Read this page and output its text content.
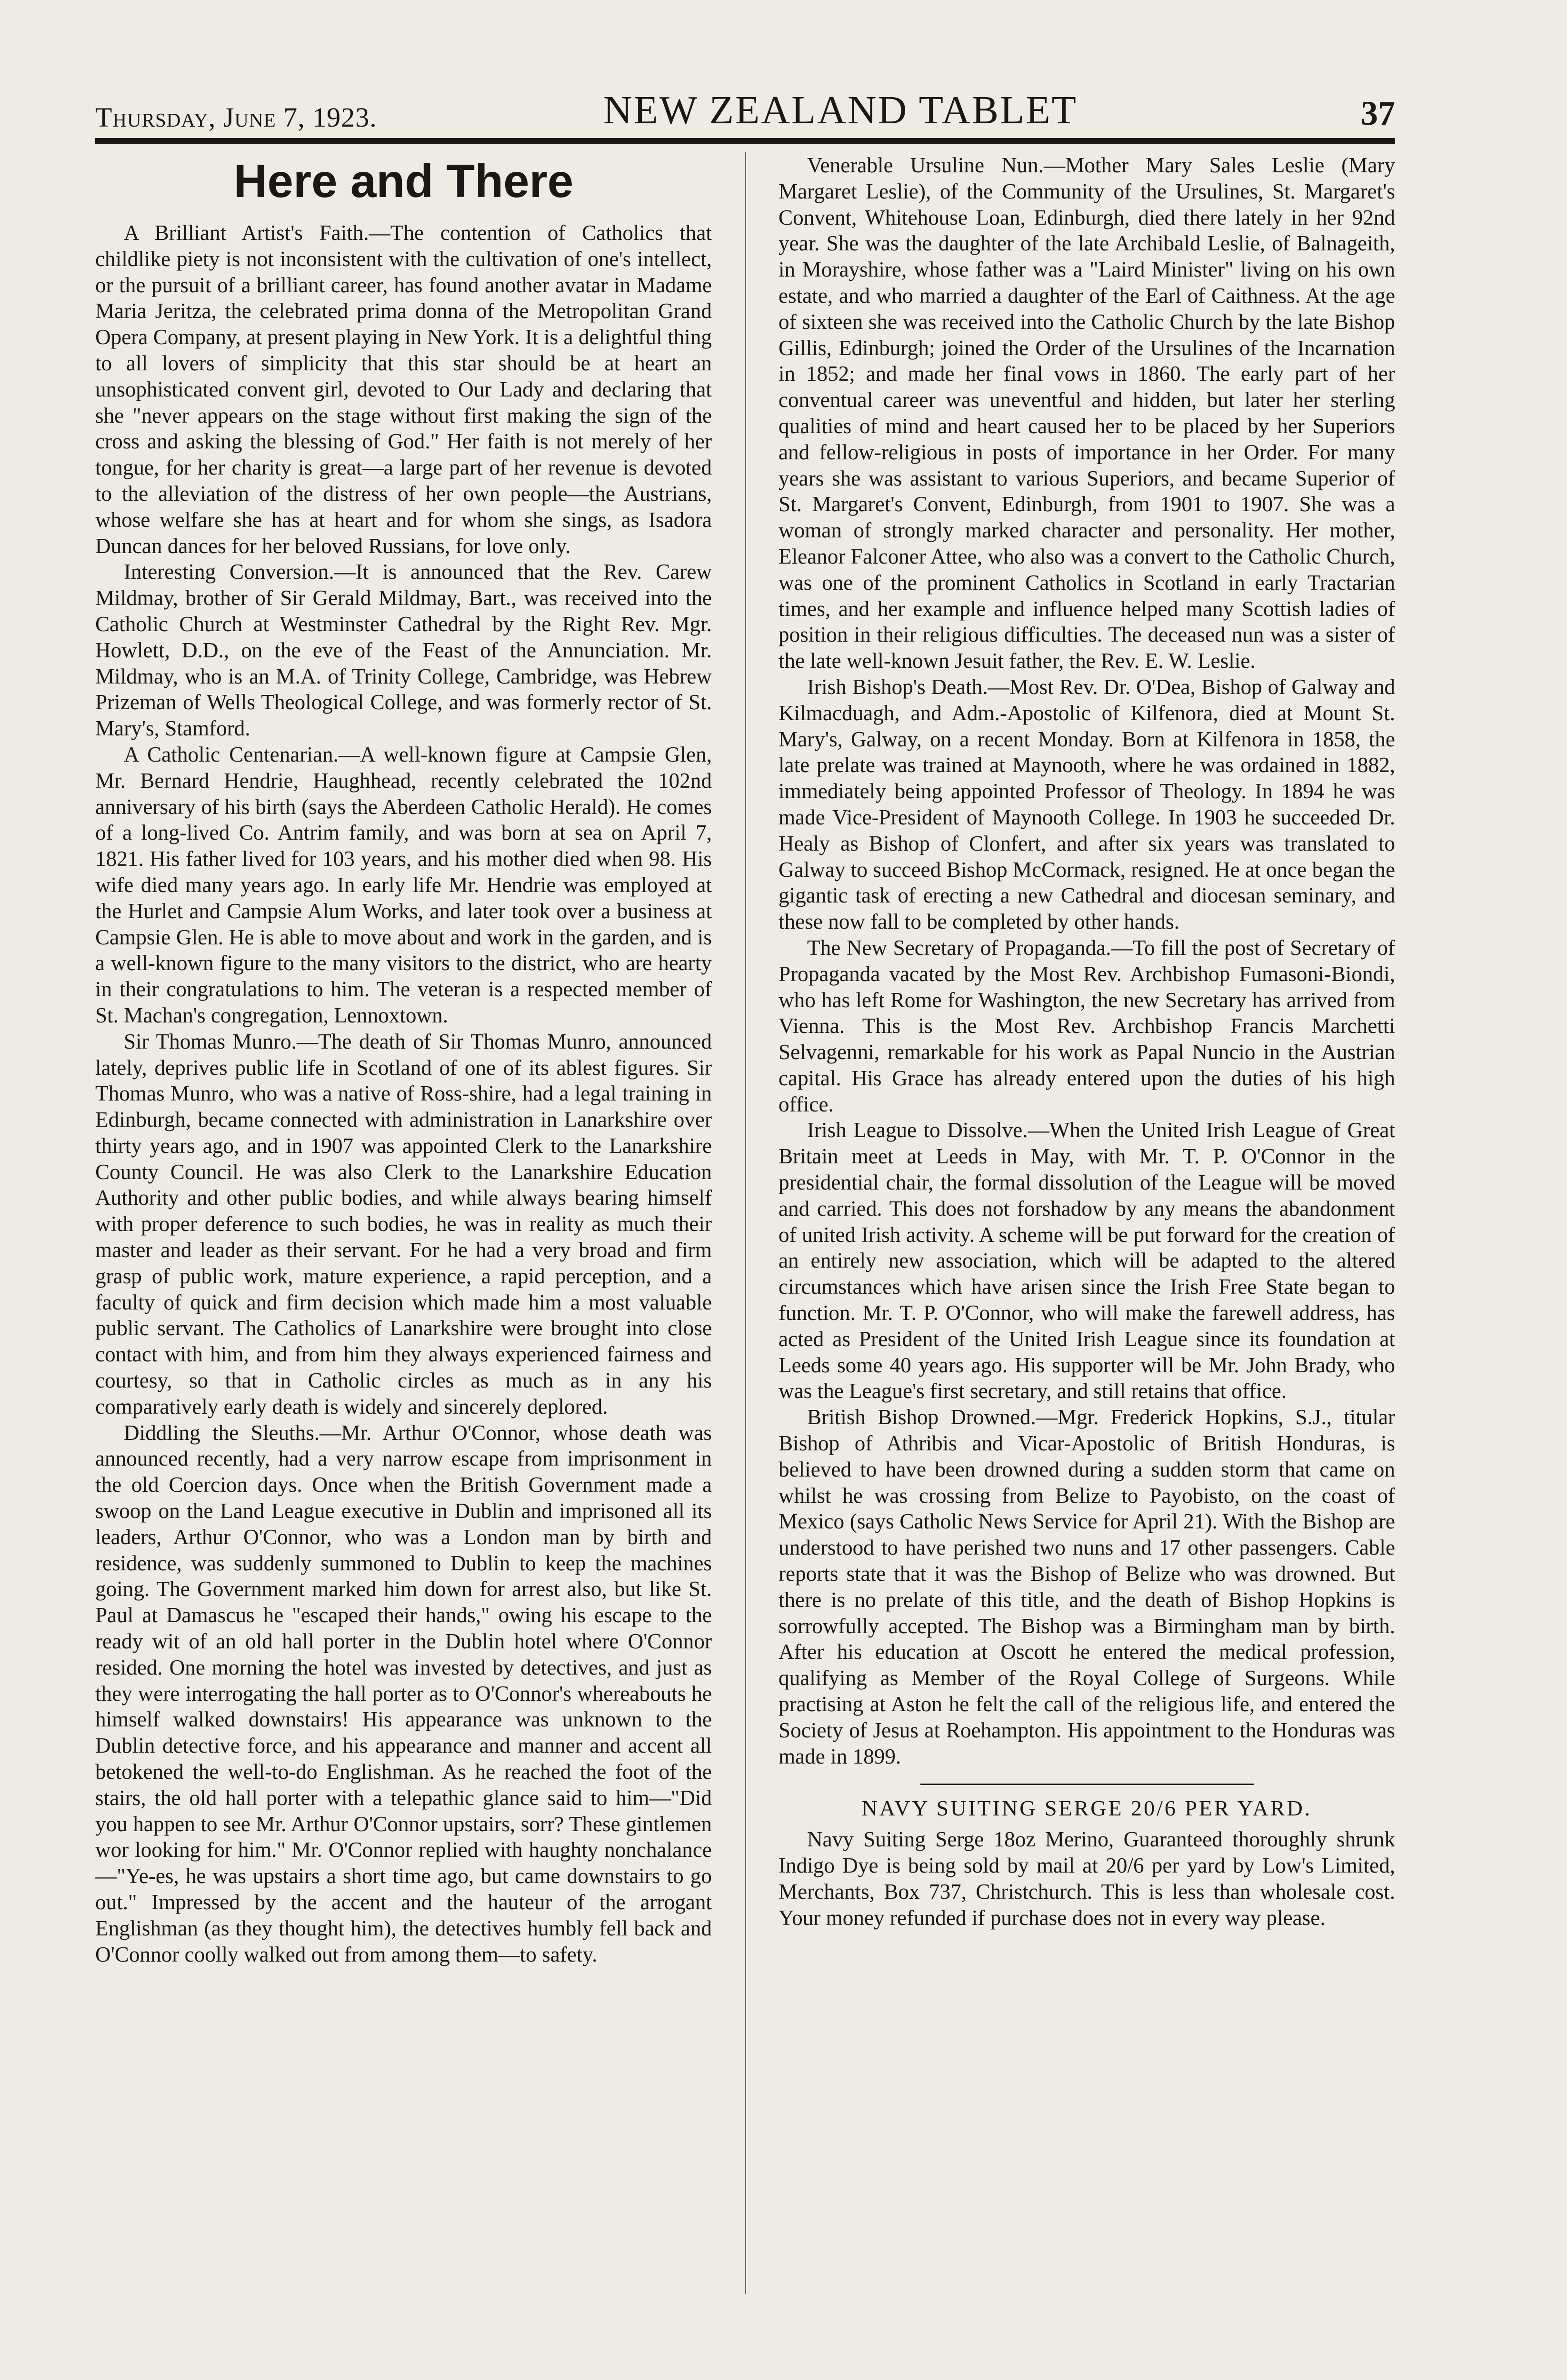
Thursday, June 7, 1923.	NEW ZEALAND TABLET	37
Here and There

A Brilliant Artist's Faith.—The contention of Catholics that childlike piety is not inconsistent with the cultivation of one's intellect, or the pursuit of a brilliant career, has found another avatar in Madame Maria Jeritza, the celebrated prima donna of the Metropolitan Grand Opera Company, at present playing in New York. It is a delightful thing to all lovers of simplicity that this star should be at heart an unsophisticated convent girl, devoted to Our Lady and declaring that she "never appears on the stage without first making the sign of the cross and asking the blessing of God." Her faith is not merely of her tongue, for her charity is great—a large part of her revenue is devoted to the alleviation of the distress of her own people—the Austrians, whose welfare she has at heart and for whom she sings, as Isadora Duncan dances for her beloved Russians, for love only.

Interesting Conversion.—It is announced that the Rev. Carew Mildmay, brother of Sir Gerald Mildmay, Bart., was received into the Catholic Church at Westminster Cathedral by the Right Rev. Mgr. Howlett, D.D., on the eve of the Feast of the Annunciation. Mr. Mildmay, who is an M.A. of Trinity College, Cambridge, was Hebrew Prizeman of Wells Theological College, and was formerly rector of St. Mary's, Stamford.

A Catholic Centenarian.—A well-known figure at Campsie Glen, Mr. Bernard Hendrie, Haughhead, recently celebrated the 102nd anniversary of his birth (says the Aberdeen Catholic Herald). He comes of a long-lived Co. Antrim family, and was born at sea on April 7, 1821. His father lived for 103 years, and his mother died when 98. His wife died many years ago. In early life Mr. Hendrie was employed at the Hurlet and Campsie Alum Works, and later took over a business at Campsie Glen. He is able to move about and work in the garden, and is a well-known figure to the many visitors to the district, who are hearty in their congratulations to him. The veteran is a respected member of St. Machan's congregation, Lennoxtown.

Sir Thomas Munro.—The death of Sir Thomas Munro, announced lately, deprives public life in Scotland of one of its ablest figures. Sir Thomas Munro, who was a native of Ross-shire, had a legal training in Edinburgh, became connected with administration in Lanarkshire over thirty years ago, and in 1907 was appointed Clerk to the Lanarkshire County Council. He was also Clerk to the Lanarkshire Education Authority and other public bodies, and while always bearing himself with proper deference to such bodies, he was in reality as much their master and leader as their servant. For he had a very broad and firm grasp of public work, mature experience, a rapid perception, and a faculty of quick and firm decision which made him a most valuable public servant. The Catholics of Lanarkshire were brought into close contact with him, and from him they always experienced fairness and courtesy, so that in Catholic circles as much as in any his comparatively early death is widely and sincerely deplored.

Diddling the Sleuths.—Mr. Arthur O'Connor, whose death was announced recently, had a very narrow escape from imprisonment in the old Coercion days. Once when the British Government made a swoop on the Land League executive in Dublin and imprisoned all its leaders, Arthur O'Connor, who was a London man by birth and residence, was suddenly summoned to Dublin to keep the machines going. The Government marked him down for arrest also, but like St. Paul at Damascus he "escaped their hands," owing his escape to the ready wit of an old hall porter in the Dublin hotel where O'Connor resided. One morning the hotel was invested by detectives, and just as they were interrogating the hall porter as to O'Connor's whereabouts he himself walked downstairs! His appearance was unknown to the Dublin detective force, and his appearance and manner and accent all betokened the well-to-do Englishman. As he reached the foot of the stairs, the old hall porter with a telepathic glance said to him—"Did you happen to see Mr. Arthur O'Connor upstairs, sorr? These gintlemen wor looking for him." Mr. O'Connor replied with haughty nonchalance—"Ye-es, he was upstairs a short time ago, but came downstairs to go out." Impressed by the accent and the hauteur of the arrogant Englishman (as they thought him), the detectives humbly fell back and O'Connor coolly walked out from among them—to safety.

Venerable Ursuline Nun.—Mother Mary Sales Leslie (Mary Margaret Leslie), of the Community of the Ursulines, St. Margaret's Convent, Whitehouse Loan, Edinburgh, died there lately in her 92nd year. She was the daughter of the late Archibald Leslie, of Balnageith, in Morayshire, whose father was a "Laird Minister" living on his own estate, and who married a daughter of the Earl of Caithness. At the age of sixteen she was received into the Catholic Church by the late Bishop Gillis, Edinburgh; joined the Order of the Ursulines of the Incarnation in 1852; and made her final vows in 1860. The early part of her conventual career was uneventful and hidden, but later her sterling qualities of mind and heart caused her to be placed by her Superiors and fellow-religious in posts of importance in her Order. For many years she was assistant to various Superiors, and became Superior of St. Margaret's Convent, Edinburgh, from 1901 to 1907. She was a woman of strongly marked character and personality. Her mother, Eleanor Falconer Attee, who also was a convert to the Catholic Church, was one of the prominent Catholics in Scotland in early Tractarian times, and her example and influence helped many Scottish ladies of position in their religious difficulties. The deceased nun was a sister of the late well-known Jesuit father, the Rev. E. W. Leslie.

Irish Bishop's Death.—Most Rev. Dr. O'Dea, Bishop of Galway and Kilmacduagh, and Adm.-Apostolic of Kilfenora, died at Mount St. Mary's, Galway, on a recent Monday. Born at Kilfenora in 1858, the late prelate was trained at Maynooth, where he was ordained in 1882, immediately being appointed Professor of Theology. In 1894 he was made Vice-President of Maynooth College. In 1903 he succeeded Dr. Healy as Bishop of Clonfert, and after six years was translated to Galway to succeed Bishop McCormack, resigned. He at once began the gigantic task of erecting a new Cathedral and diocesan seminary, and these now fall to be completed by other hands.

The New Secretary of Propaganda.—To fill the post of Secretary of Propaganda vacated by the Most Rev. Archbishop Fumasoni-Biondi, who has left Rome for Washington, the new Secretary has arrived from Vienna. This is the Most Rev. Archbishop Francis Marchetti Selvagenni, remarkable for his work as Papal Nuncio in the Austrian capital. His Grace has already entered upon the duties of his high office.

Irish League to Dissolve.—When the United Irish League of Great Britain meet at Leeds in May, with Mr. T. P. O'Connor in the presidential chair, the formal dissolution of the League will be moved and carried. This does not forshadow by any means the abandonment of united Irish activity. A scheme will be put forward for the creation of an entirely new association, which will be adapted to the altered circumstances which have arisen since the Irish Free State began to function. Mr. T. P. O'Connor, who will make the farewell address, has acted as President of the United Irish League since its foundation at Leeds some 40 years ago. His supporter will be Mr. John Brady, who was the League's first secretary, and still retains that office.

British Bishop Drowned.—Mgr. Frederick Hopkins, S.J., titular Bishop of Athribis and Vicar-Apostolic of British Honduras, is believed to have been drowned during a sudden storm that came on whilst he was crossing from Belize to Payobisto, on the coast of Mexico (says Catholic News Service for April 21). With the Bishop are understood to have perished two nuns and 17 other passengers. Cable reports state that it was the Bishop of Belize who was drowned. But there is no prelate of this title, and the death of Bishop Hopkins is sorrowfully accepted. The Bishop was a Birmingham man by birth. After his education at Oscott he entered the medical profession, qualifying as Member of the Royal College of Surgeons. While practising at Aston he felt the call of the religious life, and entered the Society of Jesus at Roehampton. His appointment to the Honduras was made in 1899.

NAVY SUITING SERGE 20/6 PER YARD.

Navy Suiting Serge 18oz Merino, Guaranteed thoroughly shrunk Indigo Dye is being sold by mail at 20/6 per yard by Low's Limited, Merchants, Box 737, Christchurch. This is less than wholesale cost. Your money refunded if purchase does not in every way please.
